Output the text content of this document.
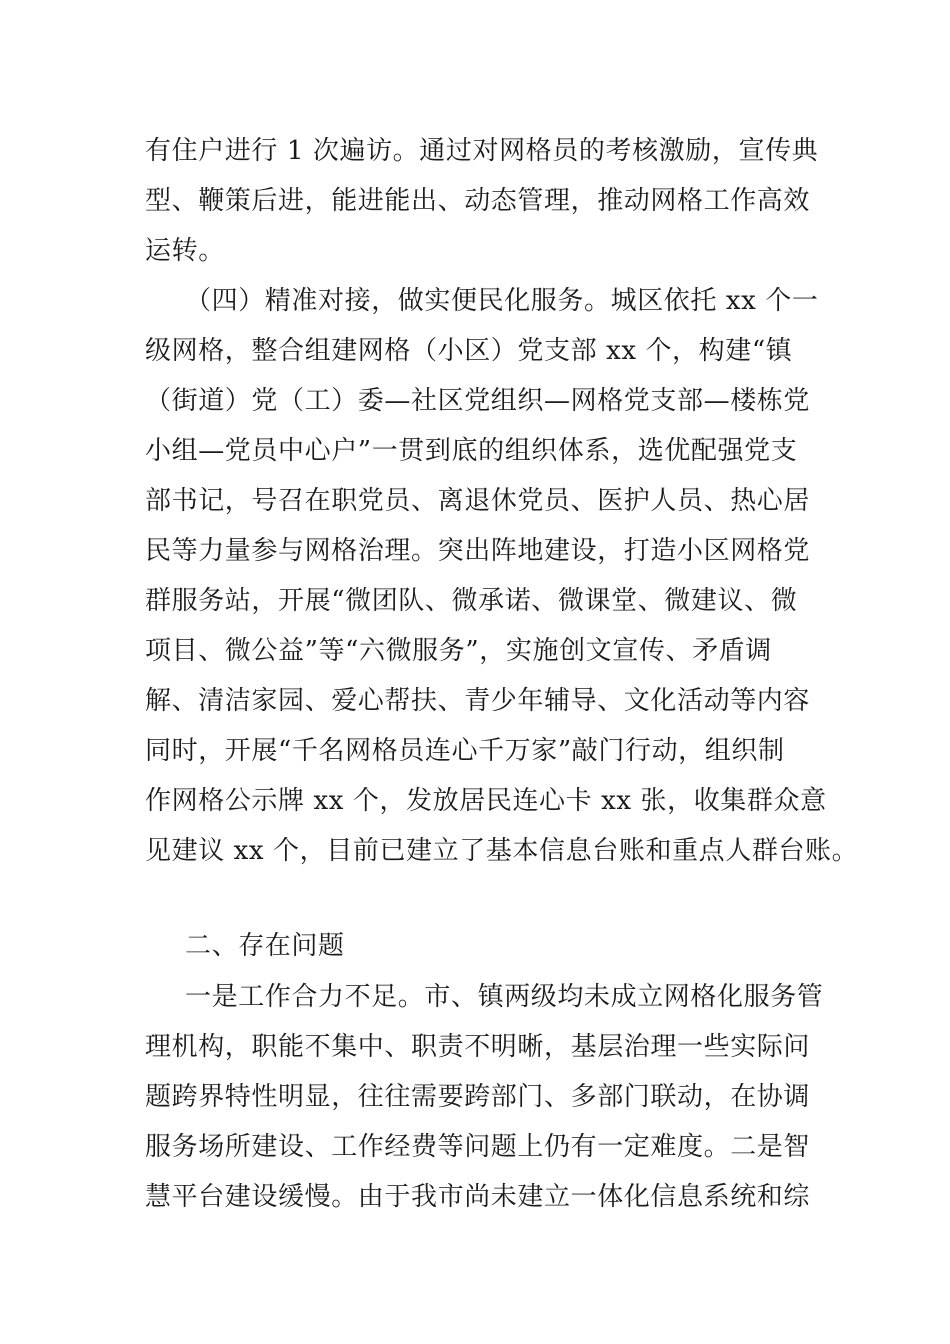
有住户进行 1 次遍访。通过对网格员的考核激励，宣传典
型、鞭策后进，能进能出、动态管理，推动网格工作高效
运转。
（四）精准对接，做实便民化服务。城区依托 xx 个一
级网格，整合组建网格（小区）党支部 xx 个，构建“镇
（街道）党（工）委—社区党组织—网格党支部—楼栋党
小组—党员中心户”一贯到底的组织体系，选优配强党支
部书记，号召在职党员、离退休党员、医护人员、热心居
民等力量参与网格治理。突出阵地建设，打造小区网格党
群服务站，开展“微团队、微承诺、微课堂、微建议、微
项目、微公益”等“六微服务”，实施创文宣传、矛盾调
解、清洁家园、爱心帮扶、青少年辅导、文化活动等内容
同时，开展“千名网格员连心千万家”敲门行动，组织制
作网格公示牌 xx 个，发放居民连心卡 xx 张，收集群众意
见建议 xx 个，目前已建立了基本信息台账和重点人群台账。
二、存在问题
一是工作合力不足。市、镇两级均未成立网格化服务管
理机构，职能不集中、职责不明晰，基层治理一些实际问
题跨界特性明显，往往需要跨部门、多部门联动，在协调
服务场所建设、工作经费等问题上仍有一定难度。二是智
慧平台建设缓慢。由于我市尚未建立一体化信息系统和综
